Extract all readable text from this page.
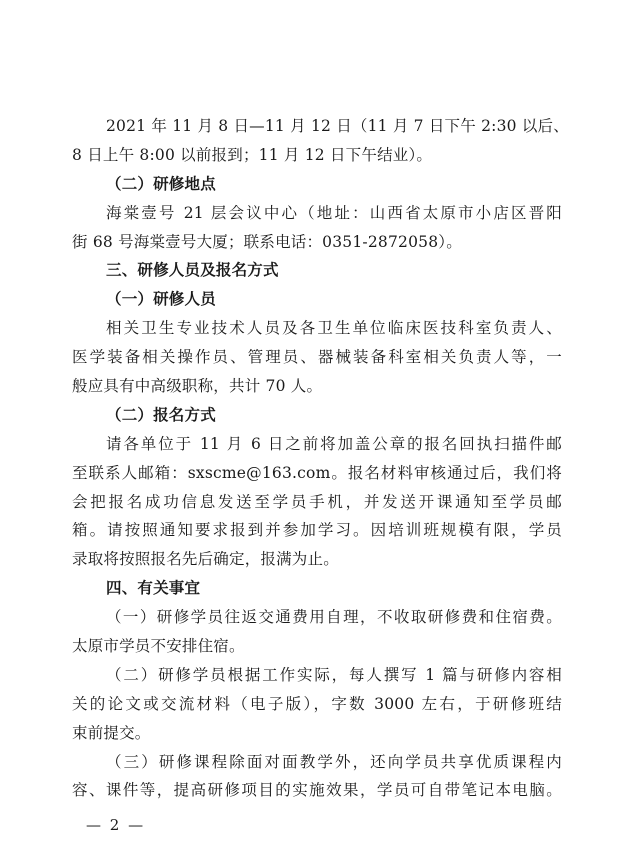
2021 年 11 月 8 日—11 月 12 日（11 月 7 日下午 2:30 以后、
8 日上午 8:00 以前报到；11 月 12 日下午结业）。
（二）研修地点
海棠壹号 21 层会议中心（地址：山西省太原市小店区晋阳
街 68 号海棠壹号大厦；联系电话：0351-2872058）。
三、研修人员及报名方式
（一）研修人员
相关卫生专业技术人员及各卫生单位临床医技科室负责人、
医学装备相关操作员、管理员、器械装备科室相关负责人等，一
般应具有中高级职称，共计 70 人。
（二）报名方式
请各单位于 11 月 6 日之前将加盖公章的报名回执扫描件邮
至联系人邮箱：sxscme@163.com。报名材料审核通过后，我们将
会把报名成功信息发送至学员手机，并发送开课通知至学员邮
箱。请按照通知要求报到并参加学习。因培训班规模有限，学员
录取将按照报名先后确定，报满为止。
四、有关事宜
（一）研修学员往返交通费用自理，不收取研修费和住宿费。
太原市学员不安排住宿。
（二）研修学员根据工作实际，每人撰写 1 篇与研修内容相
关的论文或交流材料（电子版），字数 3000 左右，于研修班结
束前提交。
（三）研修课程除面对面教学外，还向学员共享优质课程内
容、课件等，提高研修项目的实施效果，学员可自带笔记本电脑。
— 2 —
